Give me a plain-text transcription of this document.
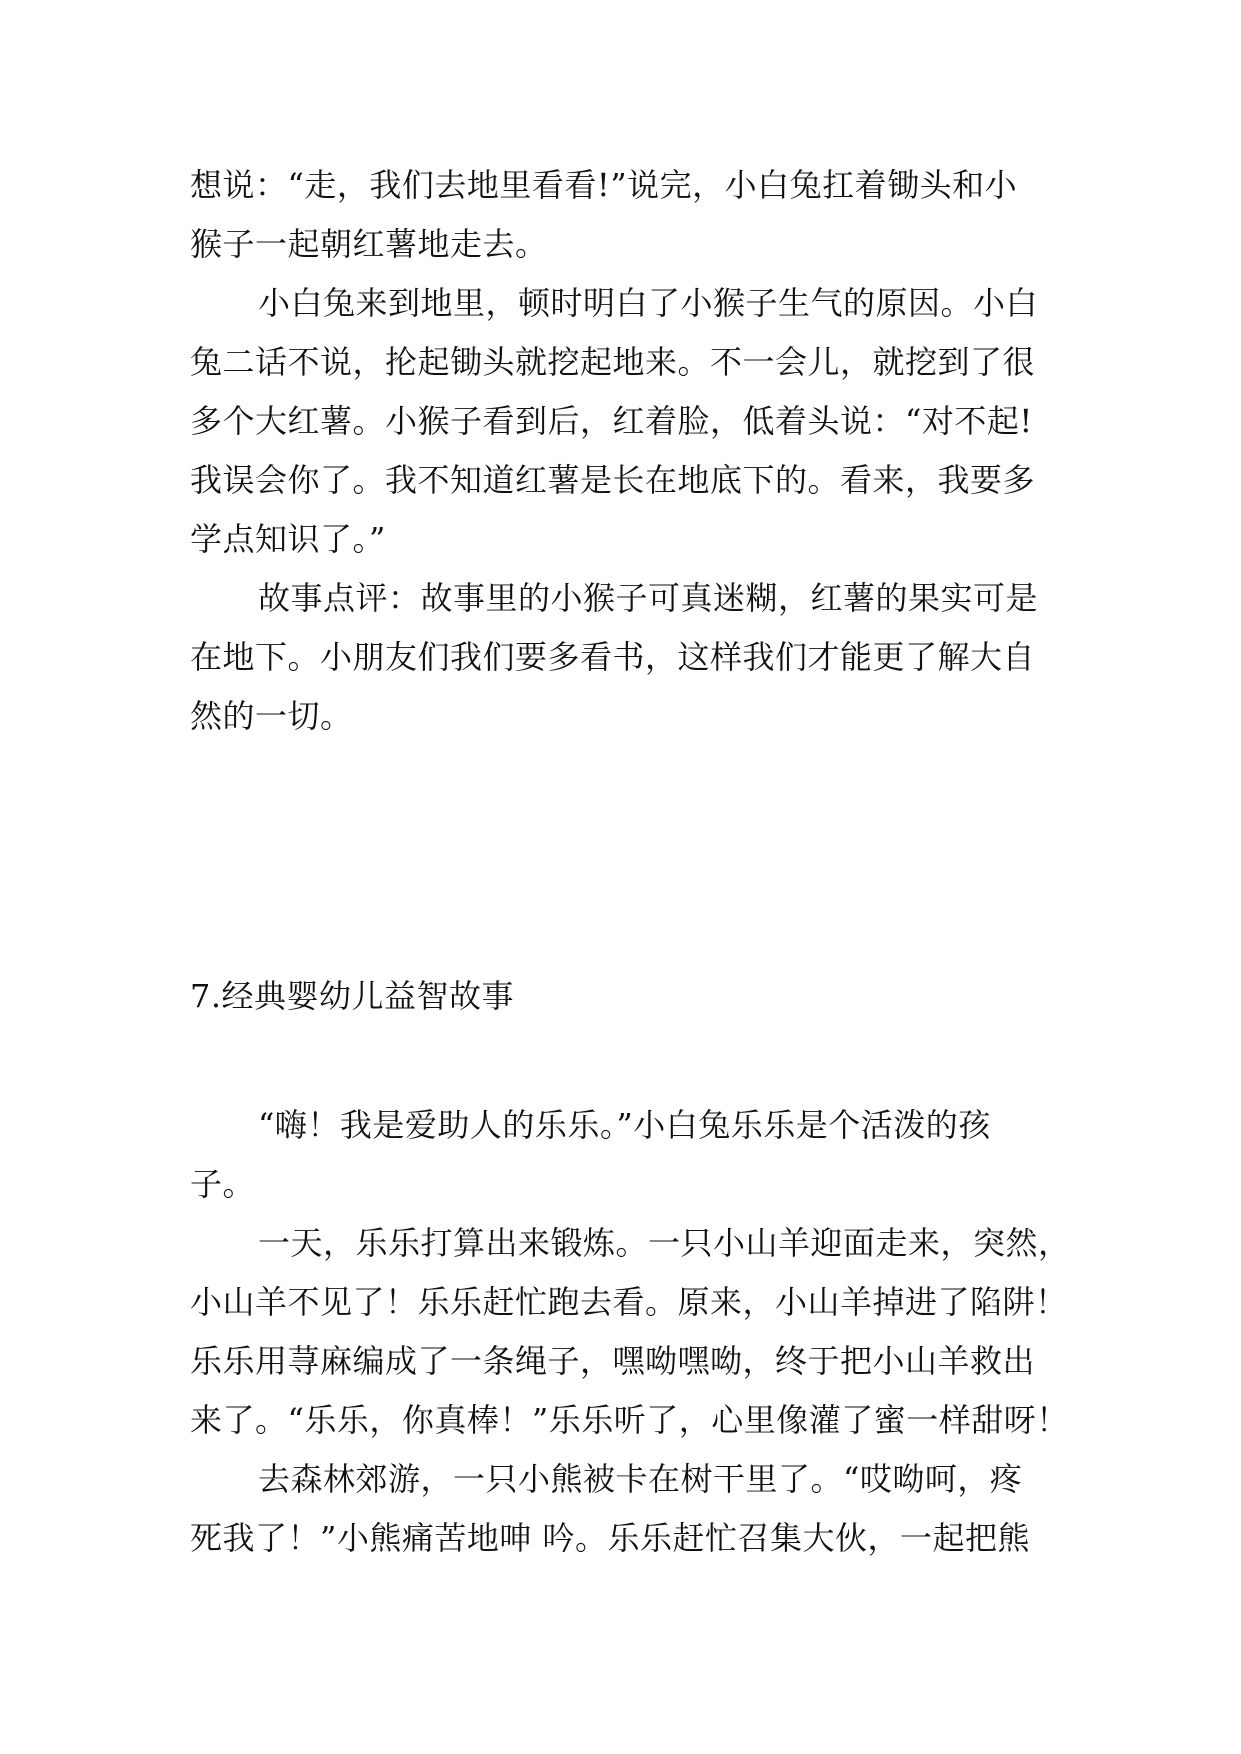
想说：“走，我们去地里看看!”说完，小白兔扛着锄头和小
猴子一起朝红薯地走去。
小白兔来到地里，顿时明白了小猴子生气的原因。小白
兔二话不说，抡起锄头就挖起地来。不一会儿，就挖到了很
多个大红薯。小猴子看到后，红着脸，低着头说：“对不起!
我误会你了。我不知道红薯是长在地底下的。看来，我要多
学点知识了。”
故事点评：故事里的小猴子可真迷糊，红薯的果实可是
在地下。小朋友们我们要多看书，这样我们才能更了解大自
然的一切。
7.经典婴幼儿益智故事
“嗨！我是爱助人的乐乐。”小白兔乐乐是个活泼的孩
子。
一天，乐乐打算出来锻炼。一只小山羊迎面走来，突然，
小山羊不见了！乐乐赶忙跑去看。原来，小山羊掉进了陷阱！
乐乐用荨麻编成了一条绳子，嘿呦嘿呦，终于把小山羊救出
来了。“乐乐，你真棒！”乐乐听了，心里像灌了蜜一样甜呀！
去森林郊游，一只小熊被卡在树干里了。“哎呦呵，疼
死我了！”小熊痛苦地呻 吟。乐乐赶忙召集大伙，一起把熊
